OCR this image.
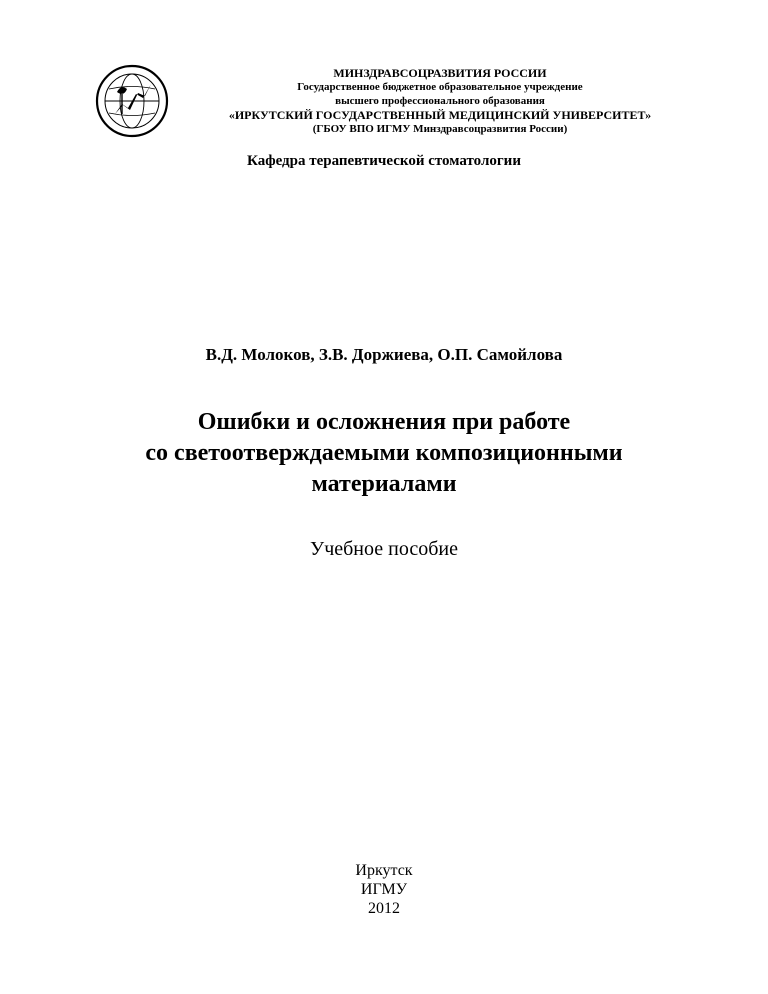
МИНЗДРАВСОЦРАЗВИТИЯ РОССИИ
Государственное бюджетное образовательное учреждение
высшего профессионального образования
«ИРКУТСКИЙ ГОСУДАРСТВЕННЫЙ МЕДИЦИНСКИЙ УНИВЕРСИТЕТ»
(ГБОУ ВПО ИГМУ Минздравсоцразвития России)
Кафедра терапевтической стоматологии
В.Д. Молоков, З.В. Доржиева, О.П. Самойлова
Ошибки и осложнения при работе
со светоотверждаемыми композиционными
материалами
Учебное пособие
Иркутск
ИГМУ
2012
